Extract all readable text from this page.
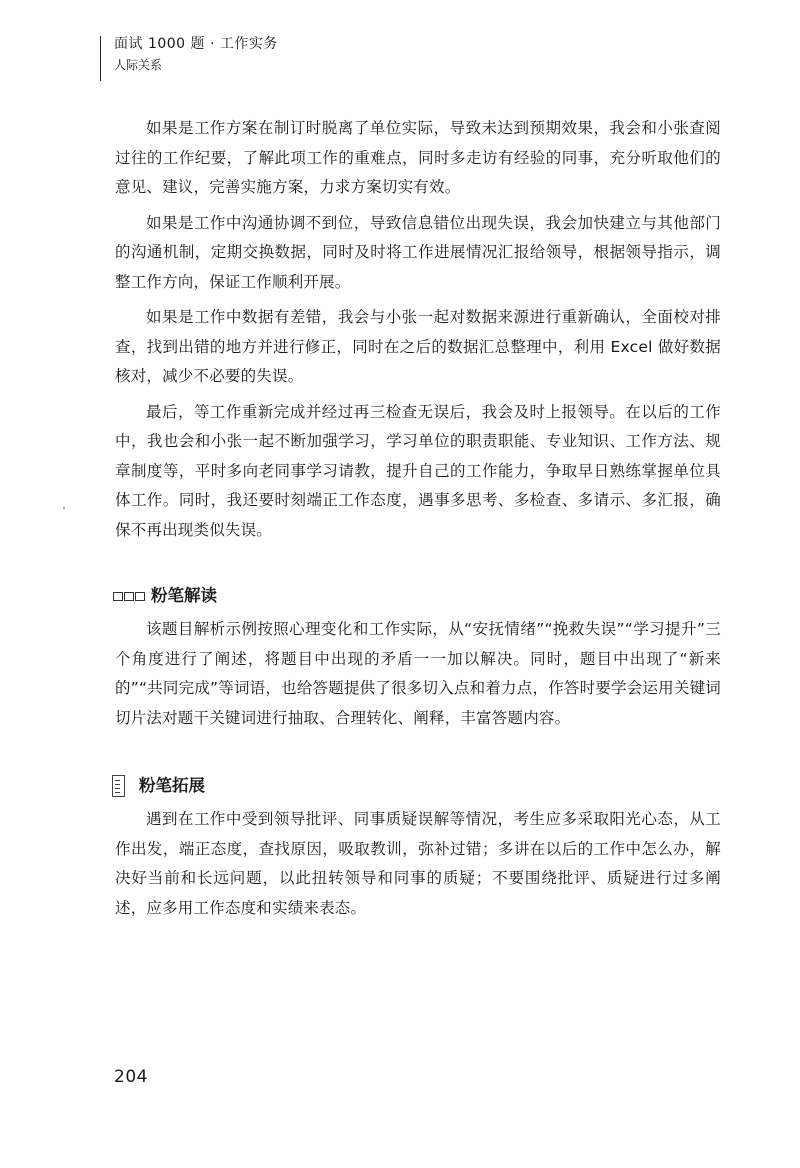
面试 1000 题 · 工作实务
人际关系

如果是工作方案在制订时脱离了单位实际，导致未达到预期效果，我会和小张查阅过往的工作纪要，了解此项工作的重难点，同时多走访有经验的同事，充分听取他们的意见、建议，完善实施方案，力求方案切实有效。

如果是工作中沟通协调不到位，导致信息错位出现失误，我会加快建立与其他部门的沟通机制，定期交换数据，同时及时将工作进展情况汇报给领导，根据领导指示，调整工作方向，保证工作顺利开展。

如果是工作中数据有差错，我会与小张一起对数据来源进行重新确认，全面校对排查，找到出错的地方并进行修正，同时在之后的数据汇总整理中，利用 Excel 做好数据核对，减少不必要的失误。

最后，等工作重新完成并经过再三检查无误后，我会及时上报领导。在以后的工作中，我也会和小张一起不断加强学习，学习单位的职责职能、专业知识、工作方法、规章制度等，平时多向老同事学习请教，提升自己的工作能力，争取早日熟练掌握单位具体工作。同时，我还要时刻端正工作态度，遇事多思考、多检查、多请示、多汇报，确保不再出现类似失误。

粉笔解读

该题目解析示例按照心理变化和工作实际，从“安抚情绪”“挽救失误”“学习提升”三个角度进行了阐述，将题目中出现的矛盾一一加以解决。同时，题目中出现了“新来的”“共同完成”等词语，也给答题提供了很多切入点和着力点，作答时要学会运用关键词切片法对题干关键词进行抽取、合理转化、阐释，丰富答题内容。

粉笔拓展

遇到在工作中受到领导批评、同事质疑误解等情况，考生应多采取阳光心态，从工作出发，端正态度，查找原因，吸取教训，弥补过错；多讲在以后的工作中怎么办，解决好当前和长远问题，以此扭转领导和同事的质疑；不要围绕批评、质疑进行过多阐述，应多用工作态度和实绩来表态。

204
